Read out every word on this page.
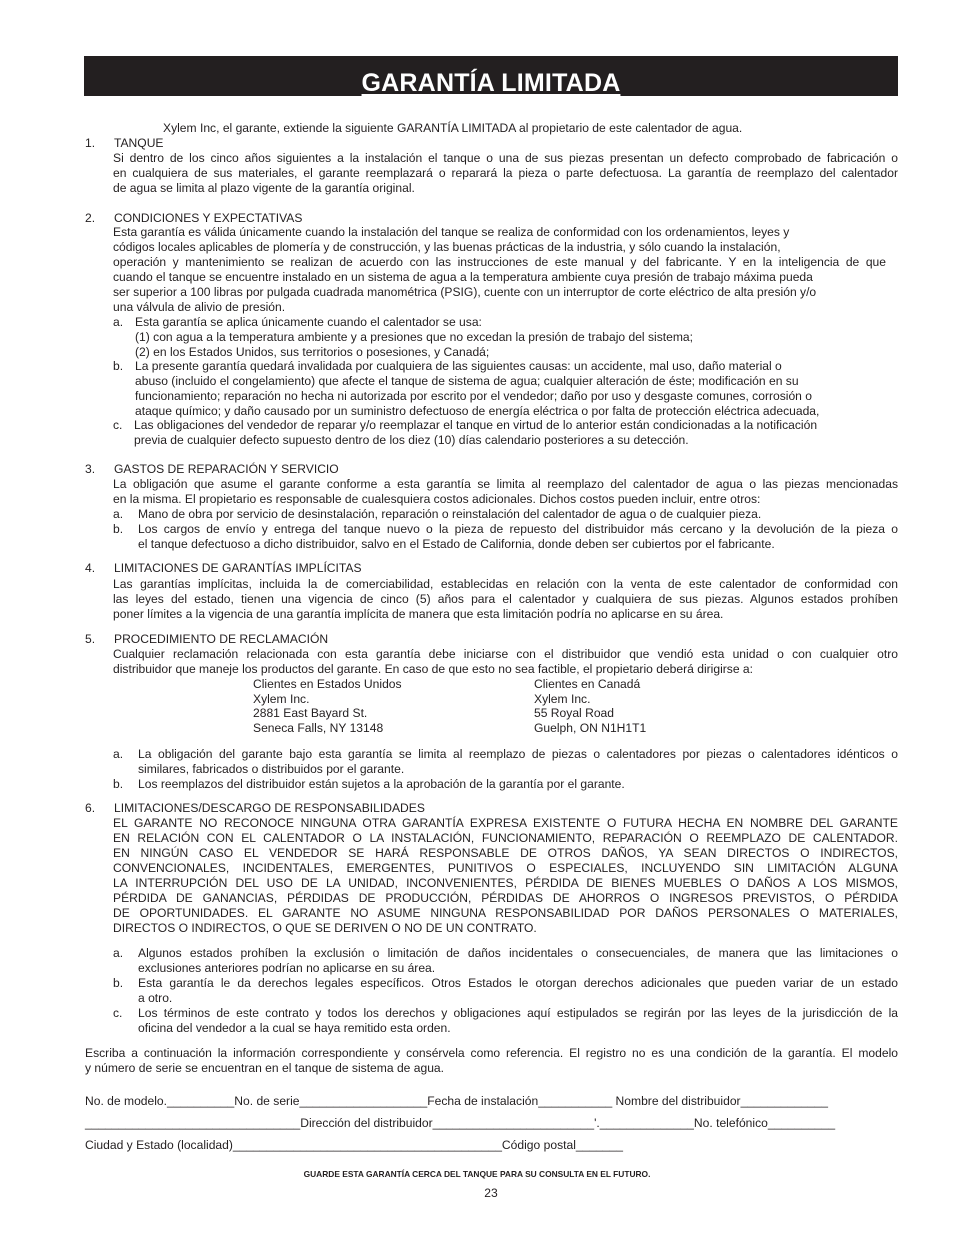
GARANTÍA LIMITADA
Xylem Inc, el garante, extiende la siguiente GARANTÍA LIMITADA al propietario de este calentador de agua.
1. TANQUE
Si dentro de los cinco años siguientes a la instalación el tanque o una de sus piezas presentan un defecto comprobado de fabricación o
en cualquiera de sus materiales, el garante reemplazará o reparará la pieza o parte defectuosa. La garantía de reemplazo del calentador
de agua se limita al plazo vigente de la garantía original.
2. CONDICIONES Y EXPECTATIVAS
Esta garantía es válida únicamente cuando la instalación del tanque se realiza de conformidad con los ordenamientos, leyes y
códigos locales aplicables de plomería y de construcción, y las buenas prácticas de la industria, y sólo cuando la instalación,
operación y mantenimiento se realizan de acuerdo con las instrucciones de este manual y del fabricante. Y en la inteligencia de que
cuando el tanque se encuentre instalado en un sistema de agua a la temperatura ambiente cuya presión de trabajo máxima pueda
ser superior a 100 libras por pulgada cuadrada manométrica (PSIG), cuente con un interruptor de corte eléctrico de alta presión y/o
una válvula de alivio de presión.
a. Esta garantía se aplica únicamente cuando el calentador se usa:
(1) con agua a la temperatura ambiente y a presiones que no excedan la presión de trabajo del sistema;
(2) en los Estados Unidos, sus territorios o posesiones, y Canadá;
b. La presente garantía quedará invalidada por cualquiera de las siguientes causas: un accidente, mal uso, daño material o
abuso (incluido el congelamiento) que afecte el tanque de sistema de agua; cualquier alteración de éste; modificación en su
funcionamiento; reparación no hecha ni autorizada por escrito por el vendedor; daño por uso y desgaste comunes, corrosión o
ataque químico; y daño causado por un suministro defectuoso de energía eléctrica o por falta de protección eléctrica adecuada,
c. Las obligaciones del vendedor de reparar y/o reemplazar el tanque en virtud de lo anterior están condicionadas a la notificación
previa de cualquier defecto supuesto dentro de los diez (10) días calendario posteriores a su detección.
3. GASTOS DE REPARACIÓN Y SERVICIO
La obligación que asume el garante conforme a esta garantía se limita al reemplazo del calentador de agua o las piezas mencionadas
en la misma. El propietario es responsable de cualesquiera costos adicionales. Dichos costos pueden incluir, entre otros:
a. Mano de obra por servicio de desinstalación, reparación o reinstalación del calentador de agua o de cualquier pieza.
b. Los cargos de envío y entrega del tanque nuevo o la pieza de repuesto del distribuidor más cercano y la devolución de la pieza o
el tanque defectuoso a dicho distribuidor, salvo en el Estado de California, donde deben ser cubiertos por el fabricante.
4. LIMITACIONES DE GARANTÍAS IMPLÍCITAS
Las garantías implícitas, incluida la de comerciabilidad, establecidas en relación con la venta de este calentador de conformidad con
las leyes del estado, tienen una vigencia de cinco (5) años para el calentador y cualquiera de sus piezas. Algunos estados prohíben
poner límites a la vigencia de una garantía implícita de manera que esta limitación podría no aplicarse en su área.
5. PROCEDIMIENTO DE RECLAMACIÓN
Cualquier reclamación relacionada con esta garantía debe iniciarse con el distribuidor que vendió esta unidad o con cualquier otro
distribuidor que maneje los productos del garante. En caso de que esto no sea factible, el propietario deberá dirigirse a:
Clientes en Estados Unidos
Xylem Inc.
2881 East Bayard St.
Seneca Falls, NY 13148
Clientes en Canadá
Xylem Inc.
55 Royal Road
Guelph, ON N1H1T1
a. La obligación del garante bajo esta garantía se limita al reemplazo de piezas o calentadores por piezas o calentadores idénticos o
similares, fabricados o distribuidos por el garante.
b. Los reemplazos del distribuidor están sujetos a la aprobación de la garantía por el garante.
6. LIMITACIONES/DESCARGO DE RESPONSABILIDADES
EL GARANTE NO RECONOCE NINGUNA OTRA GARANTÍA EXPRESA EXISTENTE O FUTURA HECHA EN NOMBRE DEL GARANTE
EN RELACIÓN CON EL CALENTADOR O LA INSTALACIÓN, FUNCIONAMIENTO, REPARACIÓN O REEMPLAZO DE CALENTADOR.
EN NINGÚN CASO EL VENDEDOR SE HARÁ RESPONSABLE DE OTROS DAÑOS, YA SEAN DIRECTOS O INDIRECTOS,
CONVENCIONALES, INCIDENTALES, EMERGENTES, PUNITIVOS O ESPECIALES, INCLUYENDO SIN LIMITACIÓN ALGUNA
LA INTERRUPCIÓN DEL USO DE LA UNIDAD, INCONVENIENTES, PÉRDIDA DE BIENES MUEBLES O DAÑOS A LOS MISMOS,
PÉRDIDA DE GANANCIAS, PÉRDIDAS DE PRODUCCIÓN, PÉRDIDAS DE AHORROS O INGRESOS PREVISTOS, O PÉRDIDA
DE OPORTUNIDADES. EL GARANTE NO ASUME NINGUNA RESPONSABILIDAD POR DAÑOS PERSONALES O MATERIALES,
DIRECTOS O INDIRECTOS, O QUE SE DERIVEN O NO DE UN CONTRATO.
a. Algunos estados prohíben la exclusión o limitación de daños incidentales o consecuenciales, de manera que las limitaciones o
exclusiones anteriores podrían no aplicarse en su área.
b. Esta garantía le da derechos legales específicos. Otros Estados le otorgan derechos adicionales que pueden variar de un estado
a otro.
c. Los términos de este contrato y todos los derechos y obligaciones aquí estipulados se regirán por las leyes de la jurisdicción de la
oficina del vendedor a la cual se haya remitido esta orden.
Escriba a continuación la información correspondiente y consérvela como referencia. El registro no es una condición de la garantía. El modelo
y número de serie se encuentran en el tanque de sistema de agua.
No. de modelo.__________No. de serie___________________Fecha de instalación___________ Nombre del distribuidor_____________
________________________________Dirección del distribuidor________________________'.______________No. telefónico__________
Ciudad y Estado (localidad)________________________________________Código postal_______
GUARDE ESTA GARANTÍA CERCA DEL TANQUE PARA SU CONSULTA EN EL FUTURO.
23
